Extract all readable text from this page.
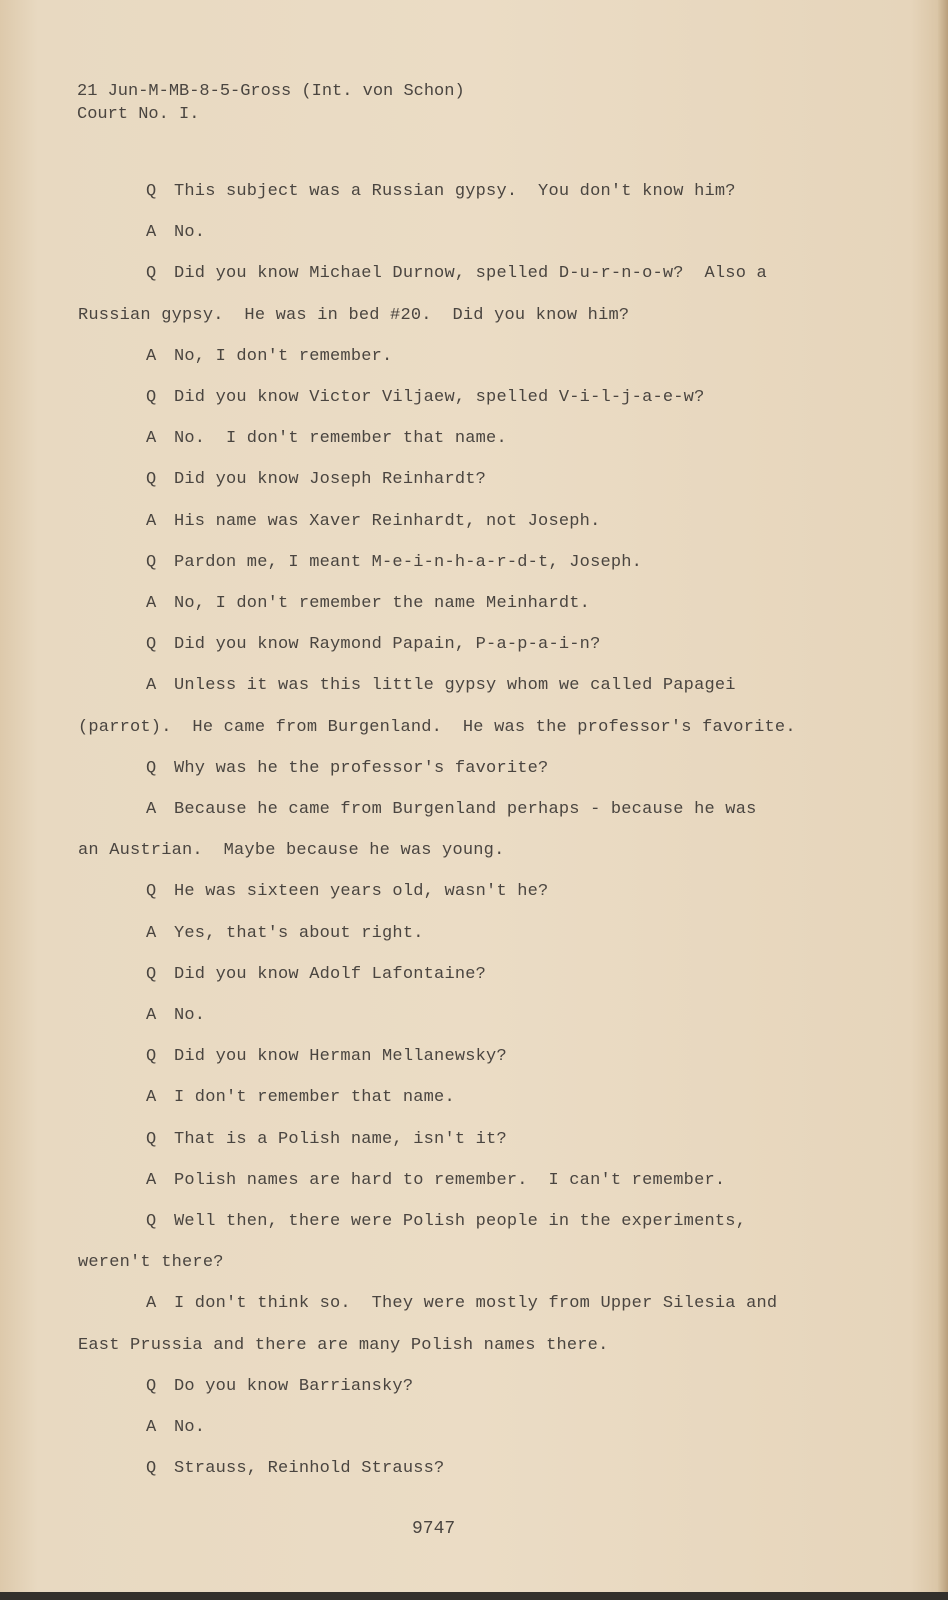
21 Jun-M-MB-8-5-Gross (Int. von Schon)
Court No. I.
Q This subject was a Russian gypsy.  You don't know him?
A No.
Q Did you know Michael Durnow, spelled D-u-r-n-o-w?  Also a
Russian gypsy.  He was in bed #20.  Did you know him?
A No, I don't remember.
Q Did you know Victor Viljaew, spelled V-i-l-j-a-e-w?
A No.  I don't remember that name.
Q Did you know Joseph Reinhardt?
A His name was Xaver Reinhardt, not Joseph.
Q Pardon me, I meant M-e-i-n-h-a-r-d-t, Joseph.
A No, I don't remember the name Meinhardt.
Q Did you know Raymond Papain, P-a-p-a-i-n?
A Unless it was this little gypsy whom we called Papagei
(parrot).  He came from Burgenland.  He was the professor's favorite.
Q Why was he the professor's favorite?
A Because he came from Burgenland perhaps - because he was
an Austrian.  Maybe because he was young.
Q He was sixteen years old, wasn't he?
A Yes, that's about right.
Q Did you know Adolf Lafontaine?
A No.
Q Did you know Herman Mellanewsky?
A I don't remember that name.
Q That is a Polish name, isn't it?
A Polish names are hard to remember.  I can't remember.
Q Well then, there were Polish people in the experiments,
weren't there?
A I don't think so.  They were mostly from Upper Silesia and
East Prussia and there are many Polish names there.
Q Do you know Barriansky?
A No.
Q Strauss, Reinhold Strauss?
9747
